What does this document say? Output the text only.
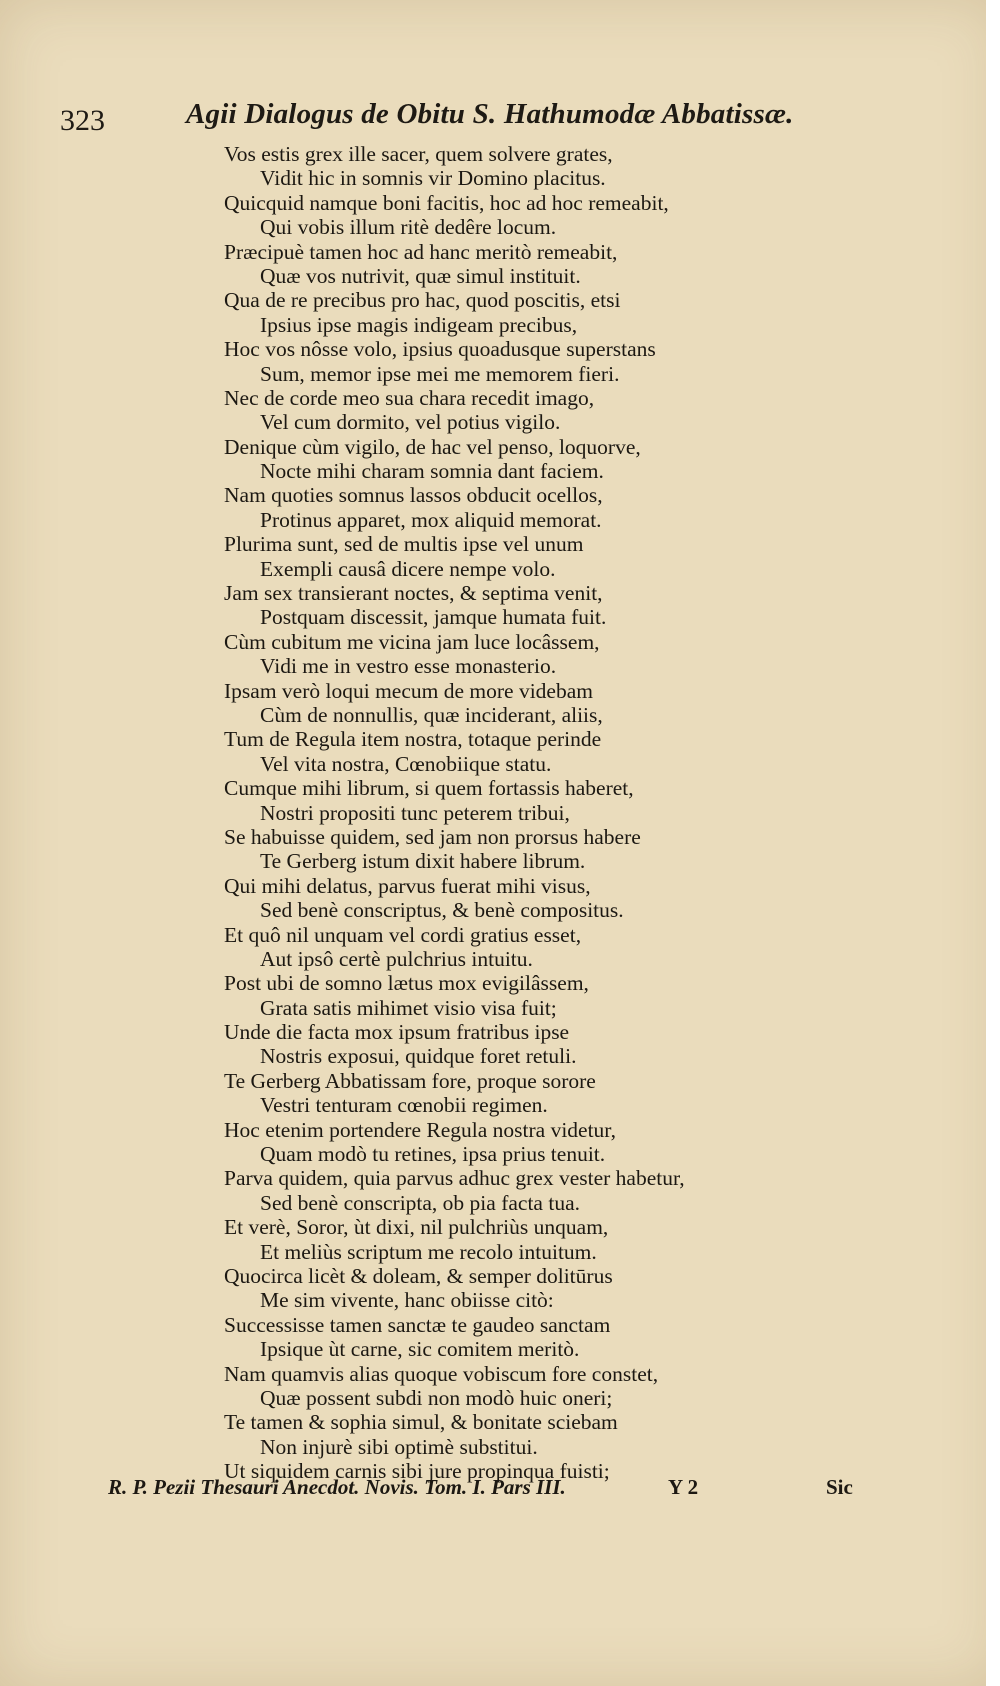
323	Agii Dialogus de Obitu S. Hathumodæ Abbatissæ.
Vos estis grex ille sacer, quem solvere grates,
Vidit hic in somnis vir Domino placitus.
Quicquid namque boni facitis, hoc ad hoc remeabit,
Qui vobis illum ritè dedêre locum.
Præcipuè tamen hoc ad hanc meritò remeabit,
Quæ vos nutrivit, quæ simul instituit.
Qua de re precibus pro hac, quod poscitis, etsi
Ipsius ipse magis indigeam precibus,
Hoc vos nôsse volo, ipsius quoadusque superstans
Sum, memor ipse mei me memorem fieri.
Nec de corde meo sua chara recedit imago,
Vel cum dormito, vel potius vigilo.
Denique cùm vigilo, de hac vel penso, loquorve,
Nocte mihi charam somnia dant faciem.
Nam quoties somnus lassos obducit ocellos,
Protinus apparet, mox aliquid memorat.
Plurima sunt, sed de multis ipse vel unum
Exempli causâ dicere nempe volo.
Jam sex transierant noctes, & septima venit,
Postquam discessit, jamque humata fuit.
Cùm cubitum me vicina jam luce locâssem,
Vidi me in vestro esse monasterio.
Ipsam verò loqui mecum de more videbam
Cùm de nonnullis, quæ inciderant, aliis,
Tum de Regula item nostra, totaque perinde
Vel vita nostra, Cœnobiique statu.
Cumque mihi librum, si quem fortassis haberet,
Nostri propositi tunc peterem tribui,
Se habuisse quidem, sed jam non prorsus habere
Te Gerberg istum dixit habere librum.
Qui mihi delatus, parvus fuerat mihi visus,
Sed benè conscriptus, & benè compositus.
Et quô nil unquam vel cordi gratius esset,
Aut ipsô certè pulchrius intuitu.
Post ubi de somno lætus mox evigilâssem,
Grata satis mihimet visio visa fuit;
Unde die facta mox ipsum fratribus ipse
Nostris exposui, quidque foret retuli.
Te Gerberg Abbatissam fore, proque sorore
Vestri tenturam cœnobii regimen.
Hoc etenim portendere Regula nostra videtur,
Quam modò tu retines, ipsa prius tenuit.
Parva quidem, quia parvus adhuc grex vester habetur,
Sed benè conscripta, ob pia facta tua.
Et verè, Soror, ùt dixi, nil pulchriùs unquam,
Et meliùs scriptum me recolo intuitum.
Quocirca licèt & doleam, & semper dolitūrus
Me sim vivente, hanc obiisse citò:
Successisse tamen sanctæ te gaudeo sanctam
Ipsique ùt carne, sic comitem meritò.
Nam quamvis alias quoque vobiscum fore constet,
Quæ possent subdi non modò huic oneri;
Te tamen & sophia simul, & bonitate sciebam
Non injurè sibi optimè substitui.
Ut siquidem carnis sibi jure propinqua fuisti;
R. P. Pezii Thesauri Anecdot. Novis. Tom. I. Pars III.	Y 2	Sic
